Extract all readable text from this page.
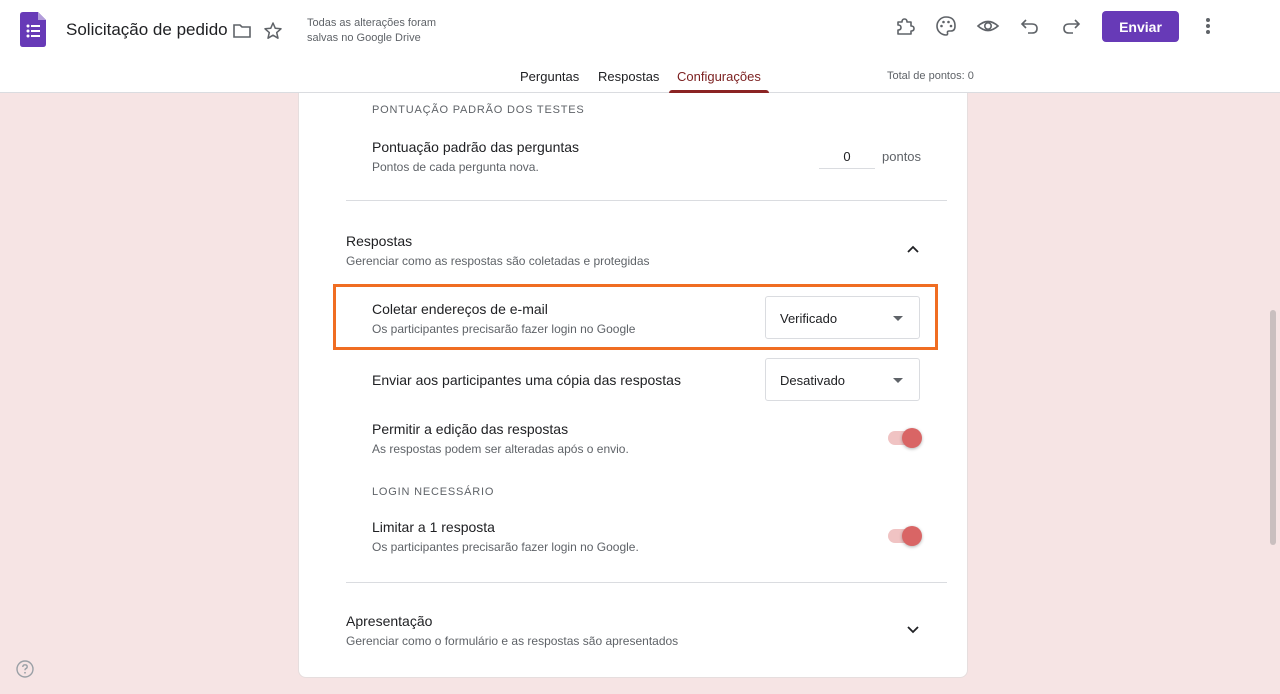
Solicitação de pedido	Todas as alterações foram salvas no Google Drive
Enviar
Perguntas Respostas Configurações	Total de pontos: 0
PONTUAÇÃO PADRÃO DOS TESTES
Pontuação padrão das perguntas
Pontos de cada pergunta nova.
0
pontos
Respostas
Gerenciar como as respostas são coletadas e protegidas
Coletar endereços de e-mail
Os participantes precisarão fazer login no Google
Verificado
Enviar aos participantes uma cópia das respostas	Desativado
Permitir a edição das respostas
As respostas podem ser alteradas após o envio.
LOGIN NECESSÁRIO
Limitar a 1 resposta
Os participantes precisarão fazer login no Google.
Apresentação
Gerenciar como o formulário e as respostas são apresentados
